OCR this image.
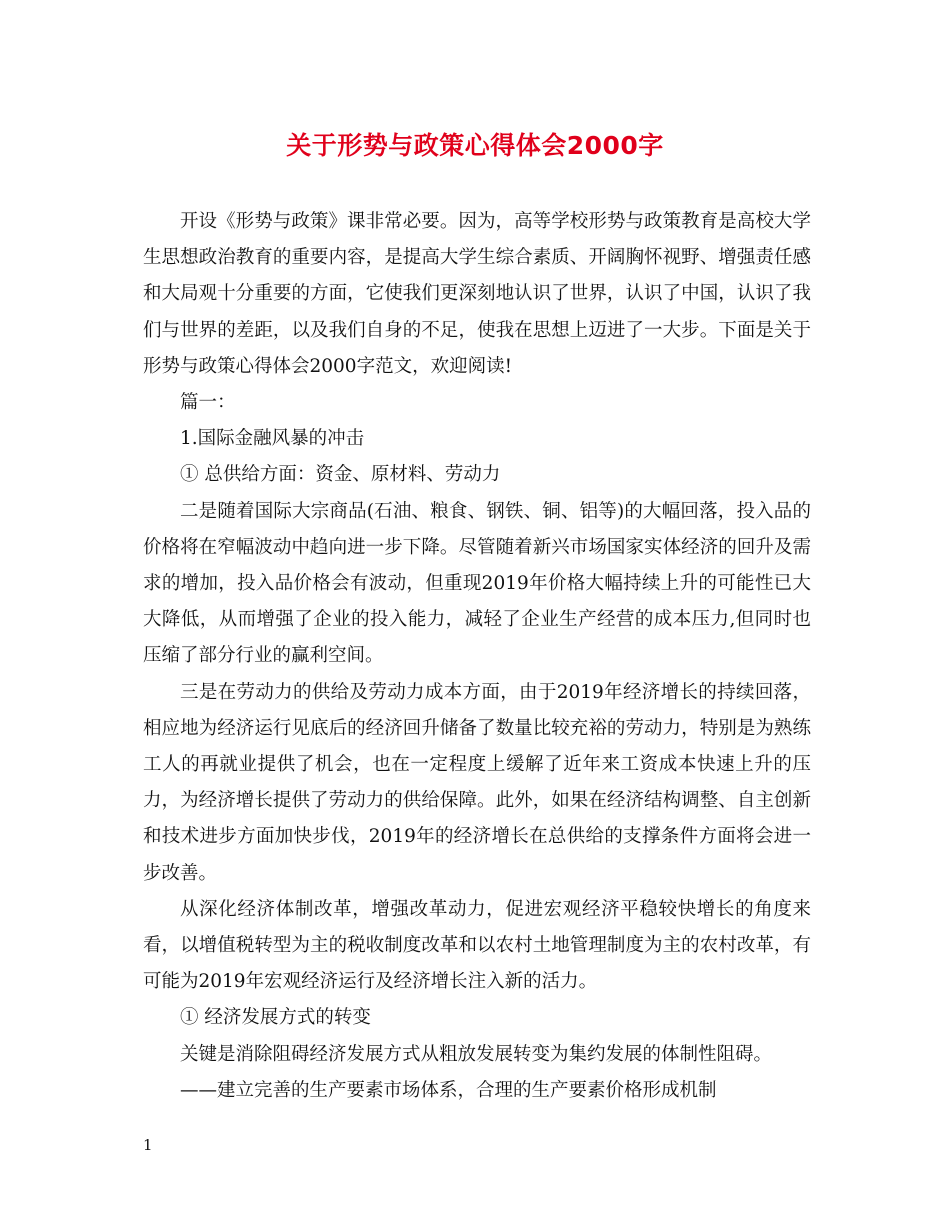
关于形势与政策心得体会2000字

开设《形势与政策》课非常必要。因为，高等学校形势与政策教育是高校大学生思想政治教育的重要内容，是提高大学生综合素质、开阔胸怀视野、增强责任感和大局观十分重要的方面，它使我们更深刻地认识了世界，认识了中国，认识了我们与世界的差距，以及我们自身的不足，使我在思想上迈进了一大步。下面是关于形势与政策心得体会2000字范文，欢迎阅读!

篇一：

1.国际金融风暴的冲击

① 总供给方面：资金、原材料、劳动力

二是随着国际大宗商品(石油、粮食、钢铁、铜、铝等)的大幅回落，投入品的价格将在窄幅波动中趋向进一步下降。尽管随着新兴市场国家实体经济的回升及需求的增加，投入品价格会有波动，但重现2019年价格大幅持续上升的可能性已大大降低，从而增强了企业的投入能力，减轻了企业生产经营的成本压力,但同时也压缩了部分行业的赢利空间。

三是在劳动力的供给及劳动力成本方面，由于2019年经济增长的持续回落，相应地为经济运行见底后的经济回升储备了数量比较充裕的劳动力，特别是为熟练工人的再就业提供了机会，也在一定程度上缓解了近年来工资成本快速上升的压力，为经济增长提供了劳动力的供给保障。此外，如果在经济结构调整、自主创新和技术进步方面加快步伐，2019年的经济增长在总供给的支撑条件方面将会进一步改善。

从深化经济体制改革，增强改革动力，促进宏观经济平稳较快增长的角度来看，以增值税转型为主的税收制度改革和以农村土地管理制度为主的农村改革，有可能为2019年宏观经济运行及经济增长注入新的活力。

① 经济发展方式的转变

关键是消除阻碍经济发展方式从粗放发展转变为集约发展的体制性阻碍。

——建立完善的生产要素市场体系，合理的生产要素价格形成机制

1
